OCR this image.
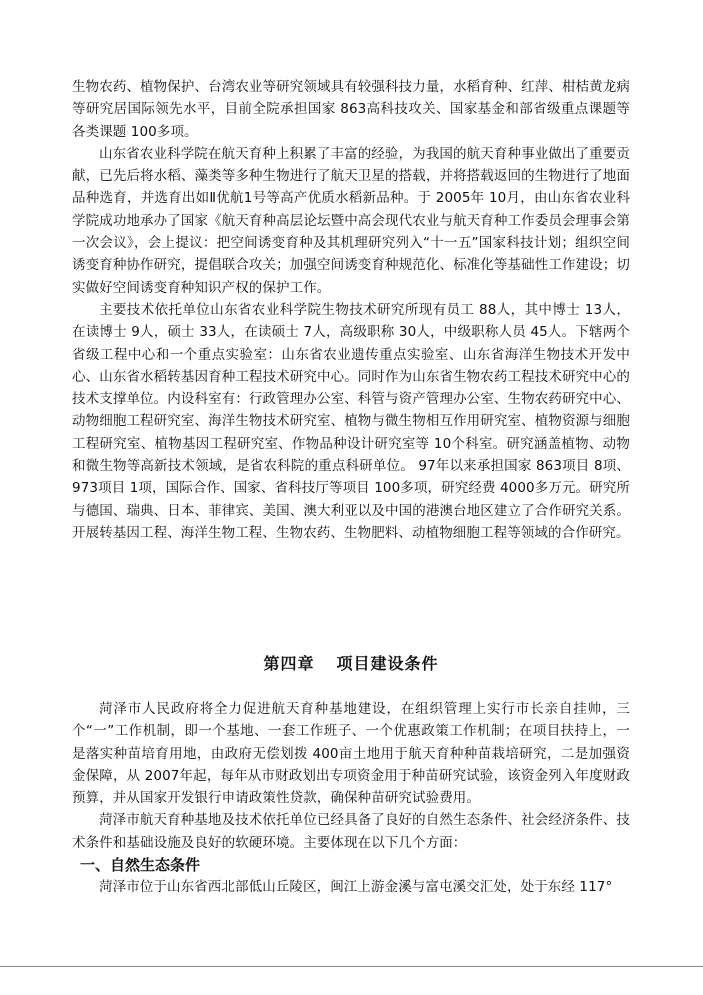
生物农药、植物保护、台湾农业等研究领域具有较强科技力量，水稻育种、红萍、柑桔黄龙病等研究居国际领先水平，目前全院承担国家 863高科技攻关、国家基金和部省级重点课题等各类课题 100多项。

山东省农业科学院在航天育种上积累了丰富的经验，为我国的航天育种事业做出了重要贡献，已先后将水稻、藻类等多种生物进行了航天卫星的搭载，并将搭载返回的生物进行了地面品种选育，并选育出如Ⅱ优航1号等高产优质水稻新品种。于 2005年 10月，由山东省农业科学院成功地承办了国家《航天育种高层论坛暨中高会现代农业与航天育种工作委员会理事会第一次会议》，会上提议：把空间诱变育种及其机理研究列入“十一五”国家科技计划；组织空间诱变育种协作研究，提倡联合攻关；加强空间诱变育种规范化、标准化等基础性工作建设；切实做好空间诱变育种知识产权的保护工作。

主要技术依托单位山东省农业科学院生物技术研究所现有员工 88人，其中博士 13人，在读博士 9人，硕士 33人，在读硕士 7人，高级职称 30人，中级职称人员 45人。下辖两个省级工程中心和一个重点实验室：山东省农业遗传重点实验室、山东省海洋生物技术开发中心、山东省水稻转基因育种工程技术研究中心。同时作为山东省生物农药工程技术研究中心的技术支撑单位。内设科室有：行政管理办公室、科管与资产管理办公室、生物农药研究中心、动物细胞工程研究室、海洋生物技术研究室、植物与微生物相互作用研究室、植物资源与细胞工程研究室、植物基因工程研究室、作物品种设计研究室等 10个科室。研究涵盖植物、动物和微生物等高新技术领域，是省农科院的重点科研单位。 97年以来承担国家 863项目 8项、973项目 1项，国际合作、国家、省科技厅等项目 100多项，研究经费 4000多万元。研究所与德国、瑞典、日本、菲律宾、美国、澳大利亚以及中国的港澳台地区建立了合作研究关系。开展转基因工程、海洋生物工程、生物农药、生物肥料、动植物细胞工程等领域的合作研究。

第四章 项目建设条件

菏泽市人民政府将全力促进航天育种基地建设，在组织管理上实行市长亲自挂帅，三个“一”工作机制，即一个基地、一套工作班子、一个优惠政策工作机制；在项目扶持上，一是落实种苗培育用地，由政府无偿划拨 400亩土地用于航天育种种苗栽培研究，二是加强资金保障，从 2007年起，每年从市财政划出专项资金用于种苗研究试验，该资金列入年度财政预算，并从国家开发银行申请政策性贷款，确保种苗研究试验费用。

菏泽市航天育种基地及技术依托单位已经具备了良好的自然生态条件、社会经济条件、技术条件和基础设施及良好的软硬环境。主要体现在以下几个方面：

一、自然生态条件

菏泽市位于山东省西北部低山丘陵区，闽江上游金溪与富屯溪交汇处，处于东经 117°
